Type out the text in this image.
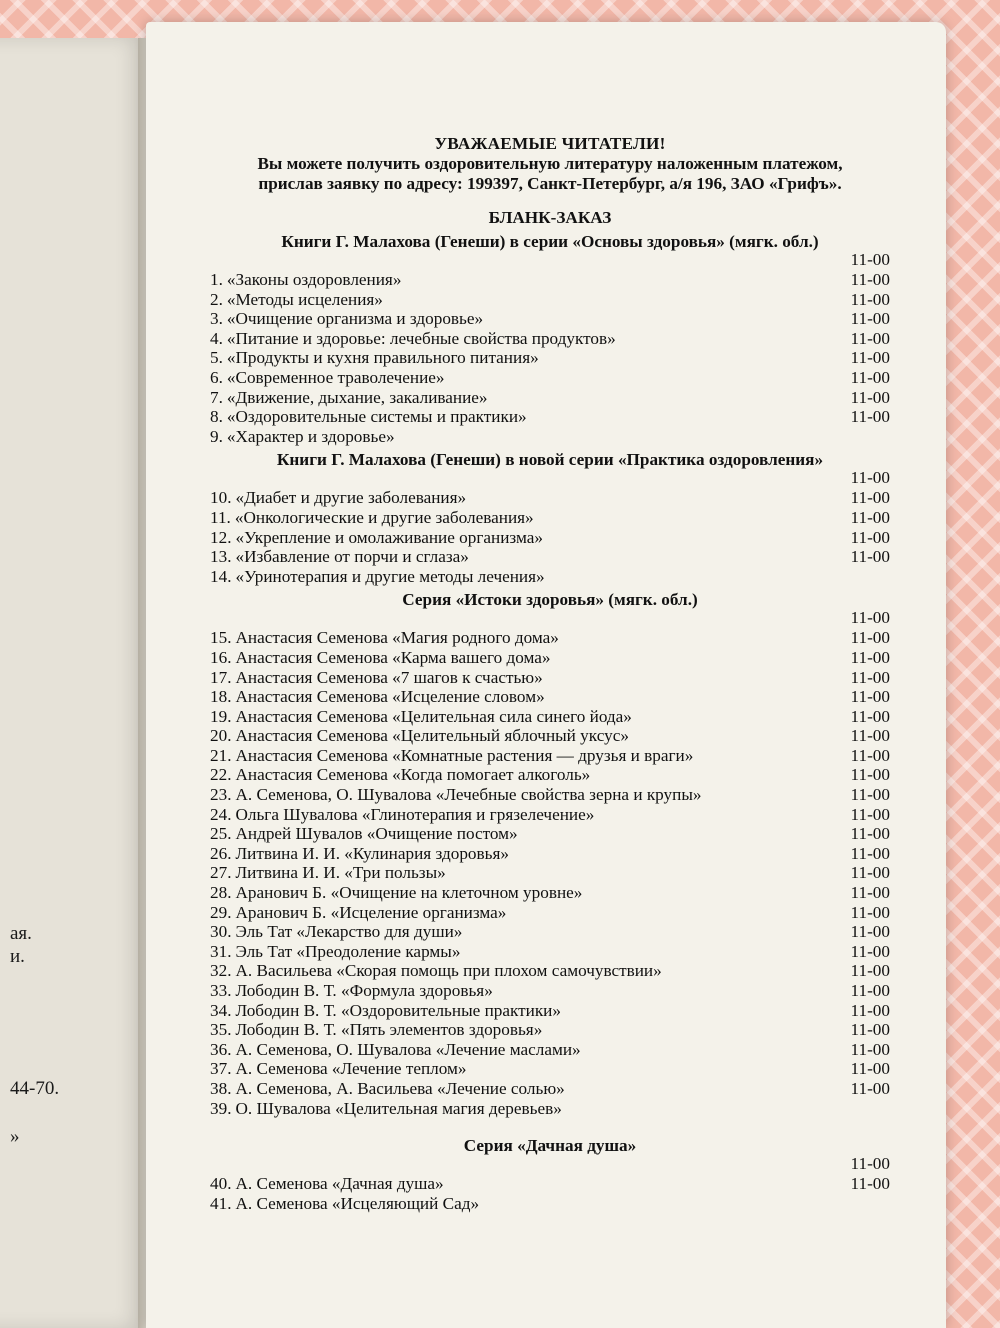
ая.
и.
44-70.
»
УВАЖАЕМЫЕ ЧИТАТЕЛИ!
Вы можете получить оздоровительную литературу наложенным платежом,
прислав заявку по адресу: 199397, Санкт-Петербург, а/я 196, ЗАО «Грифъ».
БЛАНК-ЗАКАЗ
Книги Г. Малахова (Генеши) в серии «Основы здоровья» (мягк. обл.)
11-00
1. «Законы оздоровления»	11-00
2. «Методы исцеления»	11-00
3. «Очищение организма и здоровье»	11-00
4. «Питание и здоровье: лечебные свойства продуктов»	11-00
5. «Продукты и кухня правильного питания»	11-00
6. «Современное траволечение»	11-00
7. «Движение, дыхание, закаливание»	11-00
8. «Оздоровительные системы и практики»	11-00
9. «Характер и здоровье»
Книги Г. Малахова (Генеши) в новой серии «Практика оздоровления»
11-00
10. «Диабет и другие заболевания»	11-00
11. «Онкологические и другие заболевания»	11-00
12. «Укрепление и омолаживание организма»	11-00
13. «Избавление от порчи и сглаза»	11-00
14. «Уринотерапия и другие методы лечения»
Серия «Истоки здоровья» (мягк. обл.)
11-00
15. Анастасия Семенова «Магия родного дома»	11-00
16. Анастасия Семенова «Карма вашего дома»	11-00
17. Анастасия Семенова «7 шагов к счастью»	11-00
18. Анастасия Семенова «Исцеление словом»	11-00
19. Анастасия Семенова «Целительная сила синего йода»	11-00
20. Анастасия Семенова «Целительный яблочный уксус»	11-00
21. Анастасия Семенова «Комнатные растения — друзья и враги»	11-00
22. Анастасия Семенова «Когда помогает алкоголь»	11-00
23. А. Семенова, О. Шувалова «Лечебные свойства зерна и крупы»	11-00
24. Ольга Шувалова «Глинотерапия и грязелечение»	11-00
25. Андрей Шувалов «Очищение постом»	11-00
26. Литвина И. И. «Кулинария здоровья»	11-00
27. Литвина И. И. «Три пользы»	11-00
28. Аранович Б. «Очищение на клеточном уровне»	11-00
29. Аранович Б. «Исцеление организма»	11-00
30. Эль Тат «Лекарство для души»	11-00
31. Эль Тат «Преодоление кармы»	11-00
32. А. Васильева «Скорая помощь при плохом самочувствии»	11-00
33. Лободин В. Т. «Формула здоровья»	11-00
34. Лободин В. Т. «Оздоровительные практики»	11-00
35. Лободин В. Т. «Пять элементов здоровья»	11-00
36. А. Семенова, О. Шувалова «Лечение маслами»	11-00
37. А. Семенова «Лечение теплом»	11-00
38. А. Семенова, А. Васильева «Лечение солью»	11-00
39. О. Шувалова «Целительная магия деревьев»
Серия «Дачная душа»
11-00
40. А. Семенова «Дачная душа»	11-00
41. А. Семенова «Исцеляющий Сад»
